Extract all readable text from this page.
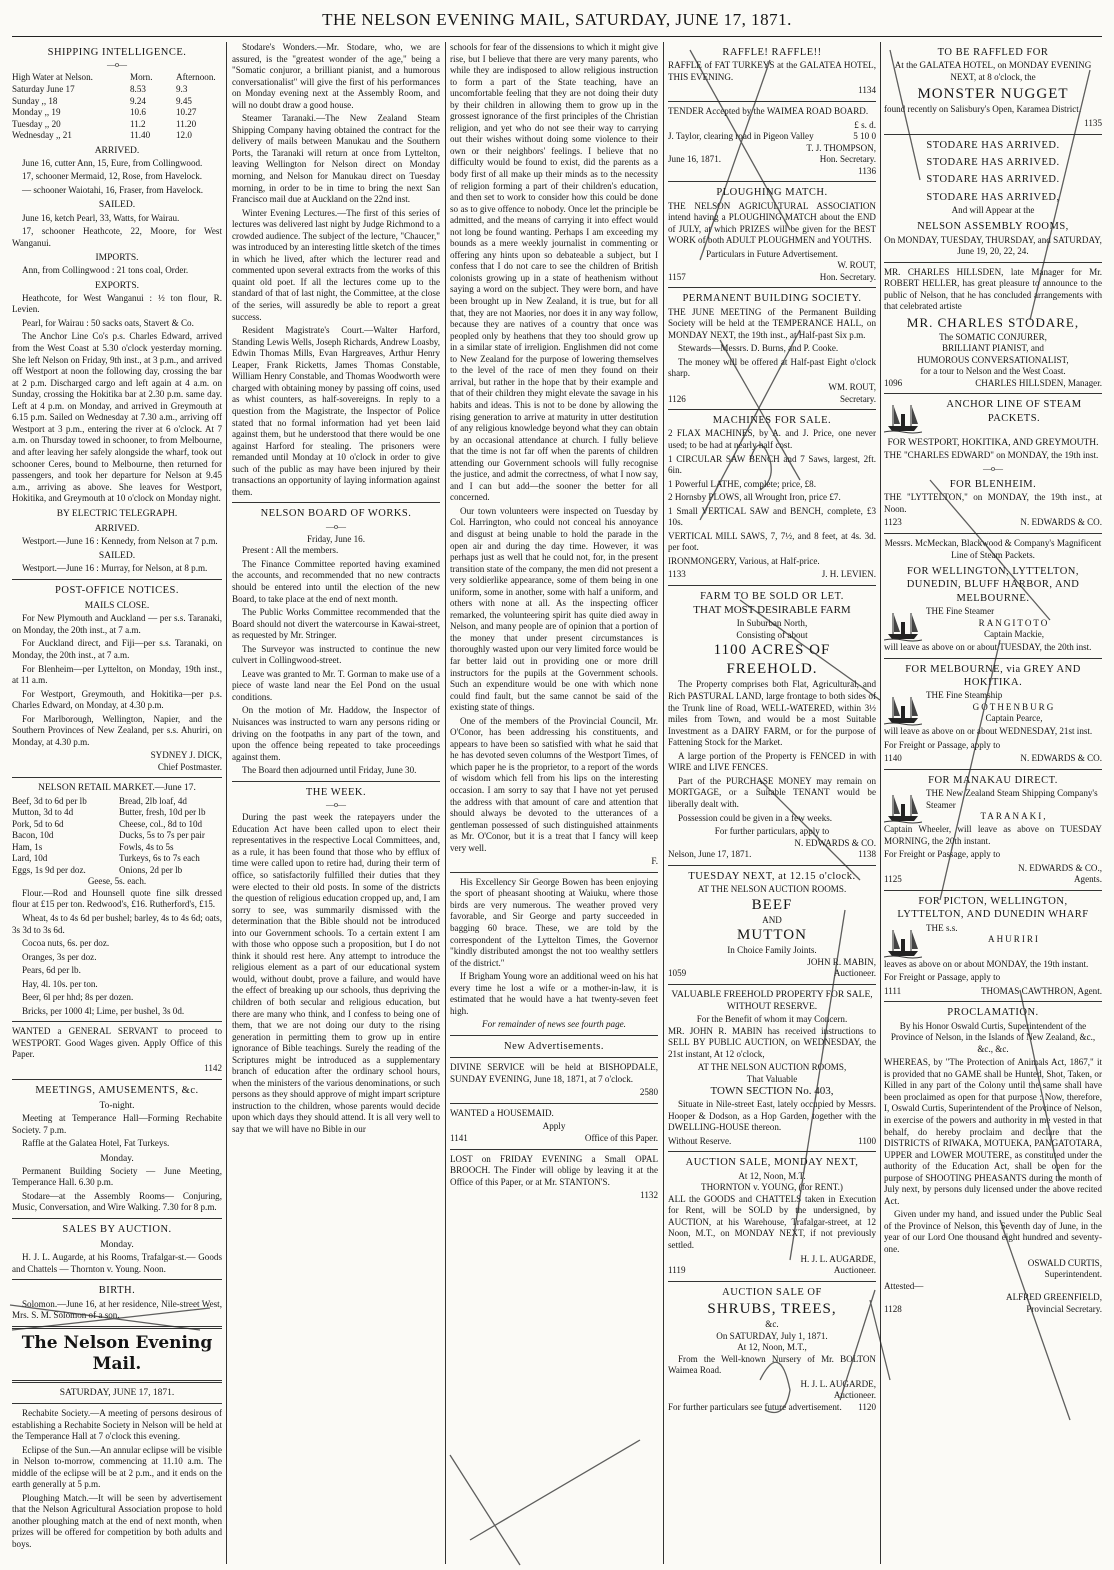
THE NELSON EVENING MAIL, SATURDAY, JUNE 17, 1871.
SHIPPING INTELLIGENCE.
—o—
High Water at Nelson.	Morn.	Afternoon.
Saturday June 17	8.53	9.3
Sunday ,, 18	9.24	9.45
Monday ,, 19	10.6	10.27
Tuesday ,, 20	11.2	11.20
Wednesday ,, 21	11.40	12.0
ARRIVED.

June 16, cutter Ann, 15, Eure, from Collingwood.

17, schooner Mermaid, 12, Rose, from Havelock.

— schooner Waiotahi, 16, Fraser, from Havelock.

SAILED.

June 16, ketch Pearl, 33, Watts, for Wairau.

17, schooner Heathcote, 22, Moore, for West Wanganui.

IMPORTS.

Ann, from Collingwood : 21 tons coal, Order.

EXPORTS.

Heathcote, for West Wanganui : ½ ton flour, R. Levien.

Pearl, for Wairau : 50 sacks oats, Stavert & Co.

The Anchor Line Co's p.s. Charles Edward, arrived from the West Coast at 5.30 o'clock yesterday morning. She left Nelson on Friday, 9th inst., at 3 p.m., and arrived off Westport at noon the following day, crossing the bar at 2 p.m. Discharged cargo and left again at 4 a.m. on Sunday, crossing the Hokitika bar at 2.30 p.m. same day. Left at 4 p.m. on Monday, and arrived in Greymouth at 6.15 p.m. Sailed on Wednesday at 7.30 a.m., arriving off Westport at 3 p.m., entering the river at 6 o'clock. At 7 a.m. on Thursday towed in schooner, to from Melbourne, and after leaving her safely alongside the wharf, took out schooner Ceres, bound to Melbourne, then returned for passengers, and took her departure for Nelson at 9.45 a.m., arriving as above. She leaves for Westport, Hokitika, and Greymouth at 10 o'clock on Monday night.

BY ELECTRIC TELEGRAPH.
ARRIVED.

Westport.—June 16 : Kennedy, from Nelson at 7 p.m.

SAILED.

Westport.—June 16 : Murray, for Nelson, at 8 p.m.

POST-OFFICE NOTICES.
MAILS CLOSE.

For New Plymouth and Auckland — per s.s. Taranaki, on Monday, the 20th inst., at 7 a.m.

For Auckland direct, and Fiji—per s.s. Taranaki, on Monday, the 20th inst., at 7 a.m.

For Blenheim—per Lyttelton, on Monday, 19th inst., at 11 a.m.

For Westport, Greymouth, and Hokitika—per p.s. Charles Edward, on Monday, at 4.30 p.m.

For Marlborough, Wellington, Napier, and the Southern Provinces of New Zealand, per s.s. Ahuriri, on Monday, at 4.30 p.m.

SYDNEY J. DICK,
Chief Postmaster.
NELSON RETAIL MARKET.—June 17.
Beef, 3d to 6d per lb	Bread, 2lb loaf, 4d
Mutton, 3d to 4d	Butter, fresh, 10d per lb
Pork, 5d to 6d	Cheese, col., 8d to 10d
Bacon, 10d	Ducks, 5s to 7s per pair
Ham, 1s	Fowls, 4s to 5s
Lard, 10d	Turkeys, 6s to 7s each
Eggs, 1s 9d per doz.	Onions, 2d per lb
Geese, 5s. each.

Flour.—Rod and Hounsell quote fine silk dressed flour at £15 per ton. Redwood's, £16. Rutherford's, £15.

Wheat, 4s to 4s 6d per bushel; barley, 4s to 4s 6d; oats, 3s 3d to 3s 6d.

Cocoa nuts, 6s. per doz.

Oranges, 3s per doz.

Pears, 6d per lb.

Hay, 4l. 10s. per ton.

Beer, 6l per hhd; 8s per dozen.

Bricks, per 1000 4l; Lime, per bushel, 3s 0d.

WANTED a GENERAL SERVANT to proceed to WESTPORT. Good Wages given. Apply Office of this Paper.

1142
MEETINGS, AMUSEMENTS, &c.
To-night.

Meeting at Temperance Hall—Forming Rechabite Society. 7 p.m.

Raffle at the Galatea Hotel, Fat Turkeys.

Monday.

Permanent Building Society — June Meeting, Temperance Hall. 6.30 p.m.

Stodare—at the Assembly Rooms— Conjuring, Music, Conversation, and Wire Walking. 7.30 for 8 p.m.

SALES BY AUCTION.
Monday.

H. J. L. Augarde, at his Rooms, Trafalgar-st.— Goods and Chattels — Thornton v. Young. Noon.

BIRTH.

Solomon.—June 16, at her residence, Nile-street West, Mrs. S. M. Solomon of a son.

The Nelson Evening Mail.
SATURDAY, JUNE 17, 1871.

Rechabite Society.—A meeting of persons desirous of establishing a Rechabite Society in Nelson will be held at the Temperance Hall at 7 o'clock this evening.

Eclipse of the Sun.—An annular eclipse will be visible in Nelson to-morrow, commencing at 11.10 a.m. The middle of the eclipse will be at 2 p.m., and it ends on the earth generally at 5 p.m.

Ploughing Match.—It will be seen by advertisement that the Nelson Agricultural Association propose to hold another ploughing match at the end of next month, when prizes will be offered for competition by both adults and boys.

Stodare's Wonders.—Mr. Stodare, who, we are assured, is the "greatest wonder of the age," being a "Somatic conjuror, a brilliant pianist, and a humorous conversationalist" will give the first of his performances on Monday evening next at the Assembly Room, and will no doubt draw a good house.

Steamer Taranaki.—The New Zealand Steam Shipping Company having obtained the contract for the delivery of mails between Manukau and the Southern Ports, the Taranaki will return at once from Lyttelton, leaving Wellington for Nelson direct on Monday morning, and Nelson for Manukau direct on Tuesday morning, in order to be in time to bring the next San Francisco mail due at Auckland on the 22nd inst.

Winter Evening Lectures.—The first of this series of lectures was delivered last night by Judge Richmond to a crowded audience. The subject of the lecture, "Chaucer," was introduced by an interesting little sketch of the times in which he lived, after which the lecturer read and commented upon several extracts from the works of this quaint old poet. If all the lectures come up to the standard of that of last night, the Committee, at the close of the series, will assuredly be able to report a great success.

Resident Magistrate's Court.—Walter Harford, Standing Lewis Wells, Joseph Richards, Andrew Loasby, Edwin Thomas Mills, Evan Hargreaves, Arthur Henry Leaper, Frank Ricketts, James Thomas Constable, William Henry Constable, and Thomas Woodworth were charged with obtaining money by passing off coins, used as whist counters, as half-sovereigns. In reply to a question from the Magistrate, the Inspector of Police stated that no formal information had yet been laid against them, but he understood that there would be one against Harford for stealing. The prisoners were remanded until Monday at 10 o'clock in order to give such of the public as may have been injured by their transactions an opportunity of laying information against them.

NELSON BOARD OF WORKS.
—o—
Friday, June 16.

Present : All the members.

The Finance Committee reported having examined the accounts, and recommended that no new contracts should be entered into until the election of the new Board, to take place at the end of next month.

The Public Works Committee recommended that the Board should not divert the watercourse in Kawai-street, as requested by Mr. Stringer.

The Surveyor was instructed to continue the new culvert in Collingwood-street.

Leave was granted to Mr. T. Gorman to make use of a piece of waste land near the Eel Pond on the usual conditions.

On the motion of Mr. Haddow, the Inspector of Nuisances was instructed to warn any persons riding or driving on the footpaths in any part of the town, and upon the offence being repeated to take proceedings against them.

The Board then adjourned until Friday, June 30.

THE WEEK.
—o—

During the past week the ratepayers under the Education Act have been called upon to elect their representatives in the respective Local Committees, and, as a rule, it has been found that those who by efflux of time were called upon to retire had, during their term of office, so satisfactorily fulfilled their duties that they were elected to their old posts. In some of the districts the question of religious education cropped up, and, I am sorry to see, was summarily dismissed with the determination that the Bible should not be introduced into our Government schools. To a certain extent I am with those who oppose such a proposition, but I do not think it should rest here. Any attempt to introduce the religious element as a part of our educational system would, without doubt, prove a failure, and would have the effect of breaking up our schools, thus depriving the children of both secular and religious education, but there are many who think, and I confess to being one of them, that we are not doing our duty to the rising generation in permitting them to grow up in entire ignorance of Bible teachings. Surely the reading of the Scriptures might be introduced as a supplementary branch of education after the ordinary school hours, when the ministers of the various denominations, or such persons as they should approve of might impart scripture instruction to the children, whose parents would decide upon which days they should attend. It is all very well to say that we will have no Bible in our

schools for fear of the dissensions to which it might give rise, but I believe that there are very many parents, who while they are indisposed to allow religious instruction to form a part of the State teaching, have an uncomfortable feeling that they are not doing their duty by their children in allowing them to grow up in the grossest ignorance of the first principles of the Christian religion, and yet who do not see their way to carrying out their wishes without doing some violence to their own or their neighbors' feelings. I believe that no difficulty would be found to exist, did the parents as a body first of all make up their minds as to the necessity of religion forming a part of their children's education, and then set to work to consider how this could be done so as to give offence to nobody. Once let the principle be admitted, and the means of carrying it into effect would not long be found wanting. Perhaps I am exceeding my bounds as a mere weekly journalist in commenting or offering any hints upon so debateable a subject, but I confess that I do not care to see the children of British colonists growing up in a state of heathenism without saying a word on the subject. They were born, and have been brought up in New Zealand, it is true, but for all that, they are not Maories, nor does it in any way follow, because they are natives of a country that once was peopled only by heathens that they too should grow up in a similar state of irreligion. Englishmen did not come to New Zealand for the purpose of lowering themselves to the level of the race of men they found on their arrival, but rather in the hope that by their example and that of their children they might elevate the savage in his habits and ideas. This is not to be done by allowing the rising generation to arrive at maturity in utter destitution of any religious knowledge beyond what they can obtain by an occasional attendance at church. I fully believe that the time is not far off when the parents of children attending our Government schools will fully recognise the justice, and admit the correctness, of what I now say, and I can but add—the sooner the better for all concerned.

Our town volunteers were inspected on Tuesday by Col. Harrington, who could not conceal his annoyance and disgust at being unable to hold the parade in the open air and during the day time. However, it was perhaps just as well that he could not, for, in the present transition state of the company, the men did not present a very soldierlike appearance, some of them being in one uniform, some in another, some with half a uniform, and others with none at all. As the inspecting officer remarked, the volunteering spirit has quite died away in Nelson, and many people are of opinion that a portion of the money that under present circumstances is thoroughly wasted upon our very limited force would be far better laid out in providing one or more drill instructors for the pupils at the Government schools. Such an expenditure would be one with which none could find fault, but the same cannot be said of the existing state of things.

One of the members of the Provincial Council, Mr. O'Conor, has been addressing his constituents, and appears to have been so satisfied with what he said that he has devoted seven columns of the Westport Times, of which paper he is the proprietor, to a report of the words of wisdom which fell from his lips on the interesting occasion. I am sorry to say that I have not yet perused the address with that amount of care and attention that should always be devoted to the utterances of a gentleman possessed of such distinguished attainments as Mr. O'Conor, but it is a treat that I fancy will keep very well.

F.

His Excellency Sir George Bowen has been enjoying the sport of pheasant shooting at Waiuku, where those birds are very numerous. The weather proved very favorable, and Sir George and party succeeded in bagging 60 brace. These, we are told by the correspondent of the Lyttelton Times, the Governor "kindly distributed amongst the not too wealthy settlers of the district."

If Brigham Young wore an additional weed on his hat every time he lost a wife or a mother-in-law, it is estimated that he would have a hat twenty-seven feet high.

For remainder of news see fourth page.
New Advertisements.

DIVINE SERVICE will be held at BISHOPDALE, SUNDAY EVENING, June 18, 1871, at 7 o'clock.

2580

WANTED a HOUSEMAID.

Apply
1141	Office of this Paper.

LOST on FRIDAY EVENING a Small OPAL BROOCH. The Finder will oblige by leaving it at the Office of this Paper, or at Mr. STANTON'S.

1132
RAFFLE! RAFFLE!!

RAFFLE of FAT TURKEYS at the GALATEA HOTEL, THIS EVENING.

1134

TENDER Accepted by the WAIMEA ROAD BOARD.

£ s. d.
J. Taylor, clearing road in Pigeon Valley	5 10 0
T. J. THOMPSON,
June 16, 1871.	Hon. Secretary.
1136
PLOUGHING MATCH.

THE NELSON AGRICULTURAL ASSOCIATION intend having a PLOUGHING MATCH about the END of JULY, at which PRIZES will be given for the BEST WORK of both ADULT PLOUGHMEN and YOUTHS.

Particulars in Future Advertisement.
W. ROUT,
1157	Hon. Secretary.
PERMANENT BUILDING SOCIETY.

THE JUNE MEETING of the Permanent Building Society will be held at the TEMPERANCE HALL, on MONDAY NEXT, the 19th inst., at Half-past Six p.m.

Stewards—Messrs. D. Burns, and P. Cooke.

The money will be offered at Half-past Eight o'clock sharp.

WM. ROUT,
1126	Secretary.
MACHINES FOR SALE.

2 FLAX MACHINES, by A. and J. Price, one never used; to be had at nearly half cost.

1 CIRCULAR SAW BENCH and 7 Saws, largest, 2ft. 6in.

1 Powerful LATHE, complete; price, £8.

2 Hornsby PLOWS, all Wrought Iron, price £7.

1 Small VERTICAL SAW and BENCH, complete, £3 10s.

VERTICAL MILL SAWS, 7, 7½, and 8 feet, at 4s. 3d. per foot.

IRONMONGERY, Various, at Half-price.

1133	J. H. LEVIEN.
FARM TO BE SOLD OR LET.
THAT MOST DESIRABLE FARM
In Suburban North,
Consisting of about
1100 ACRES OF FREEHOLD.

The Property comprises both Flat, Agricultural, and Rich PASTURAL LAND, large frontage to both sides of the Trunk line of Road, WELL-WATERED, within 3½ miles from Town, and would be a most Suitable Investment as a DAIRY FARM, or for the purpose of Fattening Stock for the Market.

A large portion of the Property is FENCED in with WIRE and LIVE FENCES.

Part of the PURCHASE MONEY may remain on MORTGAGE, or a Suitable TENANT would be liberally dealt with.

Possession could be given in a few weeks.

For further particulars, apply to
N. EDWARDS & CO.
Nelson, June 17, 1871.	1138
TUESDAY NEXT, at 12.15 o'clock.
AT THE NELSON AUCTION ROOMS.
BEEF
AND
MUTTON
In Choice Family Joints.
JOHN R. MABIN,
1059	Auctioneer.
VALUABLE FREEHOLD PROPERTY FOR SALE, WITHOUT RESERVE.
For the Benefit of whom it may Concern.

MR. JOHN R. MABIN has received instructions to SELL BY PUBLIC AUCTION, on WEDNESDAY, the 21st instant, At 12 o'clock,

AT THE NELSON AUCTION ROOMS,
That Valuable
TOWN SECTION No. 403,

Situate in Nile-street East, lately occupied by Messrs. Hooper & Dodson, as a Hop Garden, together with the DWELLING-HOUSE thereon.

Without Reserve.	1100
AUCTION SALE, MONDAY NEXT,
At 12, Noon, M.T.
THORNTON v. YOUNG, (for RENT.)

ALL the GOODS and CHATTELS taken in Execution for Rent, will be SOLD by the undersigned, by AUCTION, at his Warehouse, Trafalgar-street, at 12 Noon, M.T., on MONDAY NEXT, if not previously settled.

H. J. L. AUGARDE,
1119	Auctioneer.
AUCTION SALE OF
SHRUBS, TREES,
&c.
On SATURDAY, July 1, 1871.
At 12, Noon, M.T.,

From the Well-known Nursery of Mr. BOLTON Waimea Road.

H. J. L. AUGARDE,
Auctioneer.
For further particulars see future advertisement. 1120
TO BE RAFFLED FOR

At the GALATEA HOTEL, on MONDAY EVENING NEXT, at 8 o'clock, the

MONSTER NUGGET

found recently on Salisbury's Open, Karamea District.

1135
STODARE HAS ARRIVED.
STODARE HAS ARRIVED.
STODARE HAS ARRIVED.
STODARE HAS ARRIVED,
And will Appear at the
NELSON ASSEMBLY ROOMS,
On MONDAY, TUESDAY, THURSDAY, and SATURDAY, June 19, 20, 22, 24.

MR. CHARLES HILLSDEN, late Manager for Mr. ROBERT HELLER, has great pleasure to announce to the public of Nelson, that he has concluded arrangements with that celebrated artiste

MR. CHARLES STODARE,
The SOMATIC CONJURER,
BRILLIANT PIANIST, and
HUMOROUS CONVERSATIONALIST,
for a tour to Nelson and the West Coast.
1096	CHARLES HILLSDEN, Manager.
ANCHOR LINE OF STEAM PACKETS.
FOR WESTPORT, HOKITIKA, AND GREYMOUTH.

THE "CHARLES EDWARD" on MONDAY, the 19th inst.

—o—
FOR BLENHEIM.

THE "LYTTELTON," on MONDAY, the 19th inst., at Noon.

1123	N. EDWARDS & CO.

Messrs. McMeckan, Blackwood & Company's Magnificent Line of Steam Packets.

FOR WELLINGTON, LYTTELTON, DUNEDIN, BLUFF HARBOR, AND MELBOURNE.
THE Fine Steamer
RANGITOTO
Captain Mackie,

will leave as above on or about TUESDAY, the 20th inst.

FOR MELBOURNE, via GREY AND HOKITIKA.
THE Fine Steamship
GOTHENBURG
Captain Pearce,

will leave as above on or about WEDNESDAY, 21st inst.

For Freight or Passage, apply to

1140	N. EDWARDS & CO.
FOR MANAKAU DIRECT.
THE New Zealand Steam Shipping Company's Steamer
TARANAKI,

Captain Wheeler, will leave as above on TUESDAY MORNING, the 20th instant.

For Freight or Passage, apply to

N. EDWARDS & CO.,
1125	Agents.
FOR PICTON, WELLINGTON, LYTTELTON, AND DUNEDIN WHARF
THE s.s.
AHURIRI

leaves as above on or about MONDAY, the 19th instant.

For Freight or Passage, apply to

1111	THOMAS CAWTHRON, Agent.
PROCLAMATION.

By his Honor Oswald Curtis, Superintendent of the Province of Nelson, in the Islands of New Zealand, &c., &c., &c.

WHEREAS, by "The Protection of Animals Act, 1867," it is provided that no GAME shall be Hunted, Shot, Taken, or Killed in any part of the Colony until the same shall have been proclaimed as open for that purpose : Now, therefore, I, Oswald Curtis, Superintendent of the Province of Nelson, in exercise of the powers and authority in me vested in that behalf, do hereby proclaim and declare that the DISTRICTS of RIWAKA, MOTUEKA, PANGATOTARA, UPPER and LOWER MOUTERE, as constituted under the authority of the Education Act, shall be open for the purpose of SHOOTING PHEASANTS during the month of July next, by persons duly licensed under the above recited Act.

Given under my hand, and issued under the Public Seal of the Province of Nelson, this Seventh day of June, in the year of our Lord One thousand eight hundred and seventy-one.

OSWALD CURTIS,
Superintendent.
Attested—
ALFRED GREENFIELD,
1128	Provincial Secretary.
